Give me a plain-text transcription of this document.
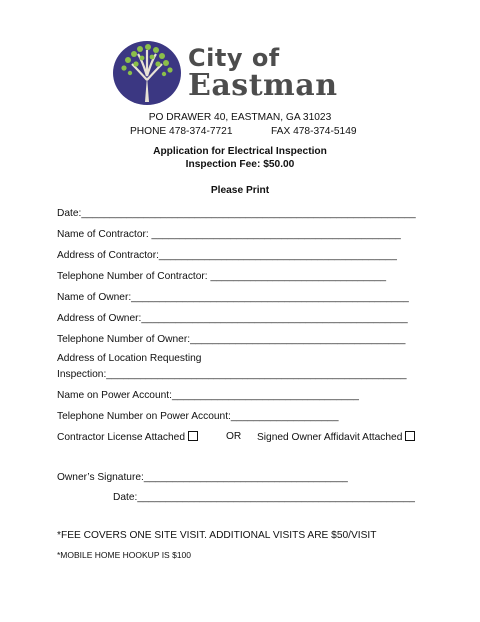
City of
Eastman
PO DRAWER 40, EASTMAN, GA 31023
PHONE 478-374-7721	FAX 478-374-5149
Application for Electrical Inspection
Inspection Fee: $50.00
Please Print
Date:___________________________________________________________
Name of Contractor: ____________________________________________
Address of Contractor:__________________________________________
Telephone Number of Contractor: _______________________________
Name of Owner:_________________________________________________
Address of Owner:_______________________________________________
Telephone Number of Owner:______________________________________
Address of Location Requesting
Inspection:_____________________________________________________
Name on Power Account:_________________________________
Telephone Number on Power Account:___________________
Contractor License Attached	OR Signed Owner Affidavit Attached
Owner’s Signature:____________________________________
Date:_________________________________________________
*FEE COVERS ONE SITE VISIT. ADDITIONAL VISITS ARE $50/VISIT
*MOBILE HOME HOOKUP IS $100
